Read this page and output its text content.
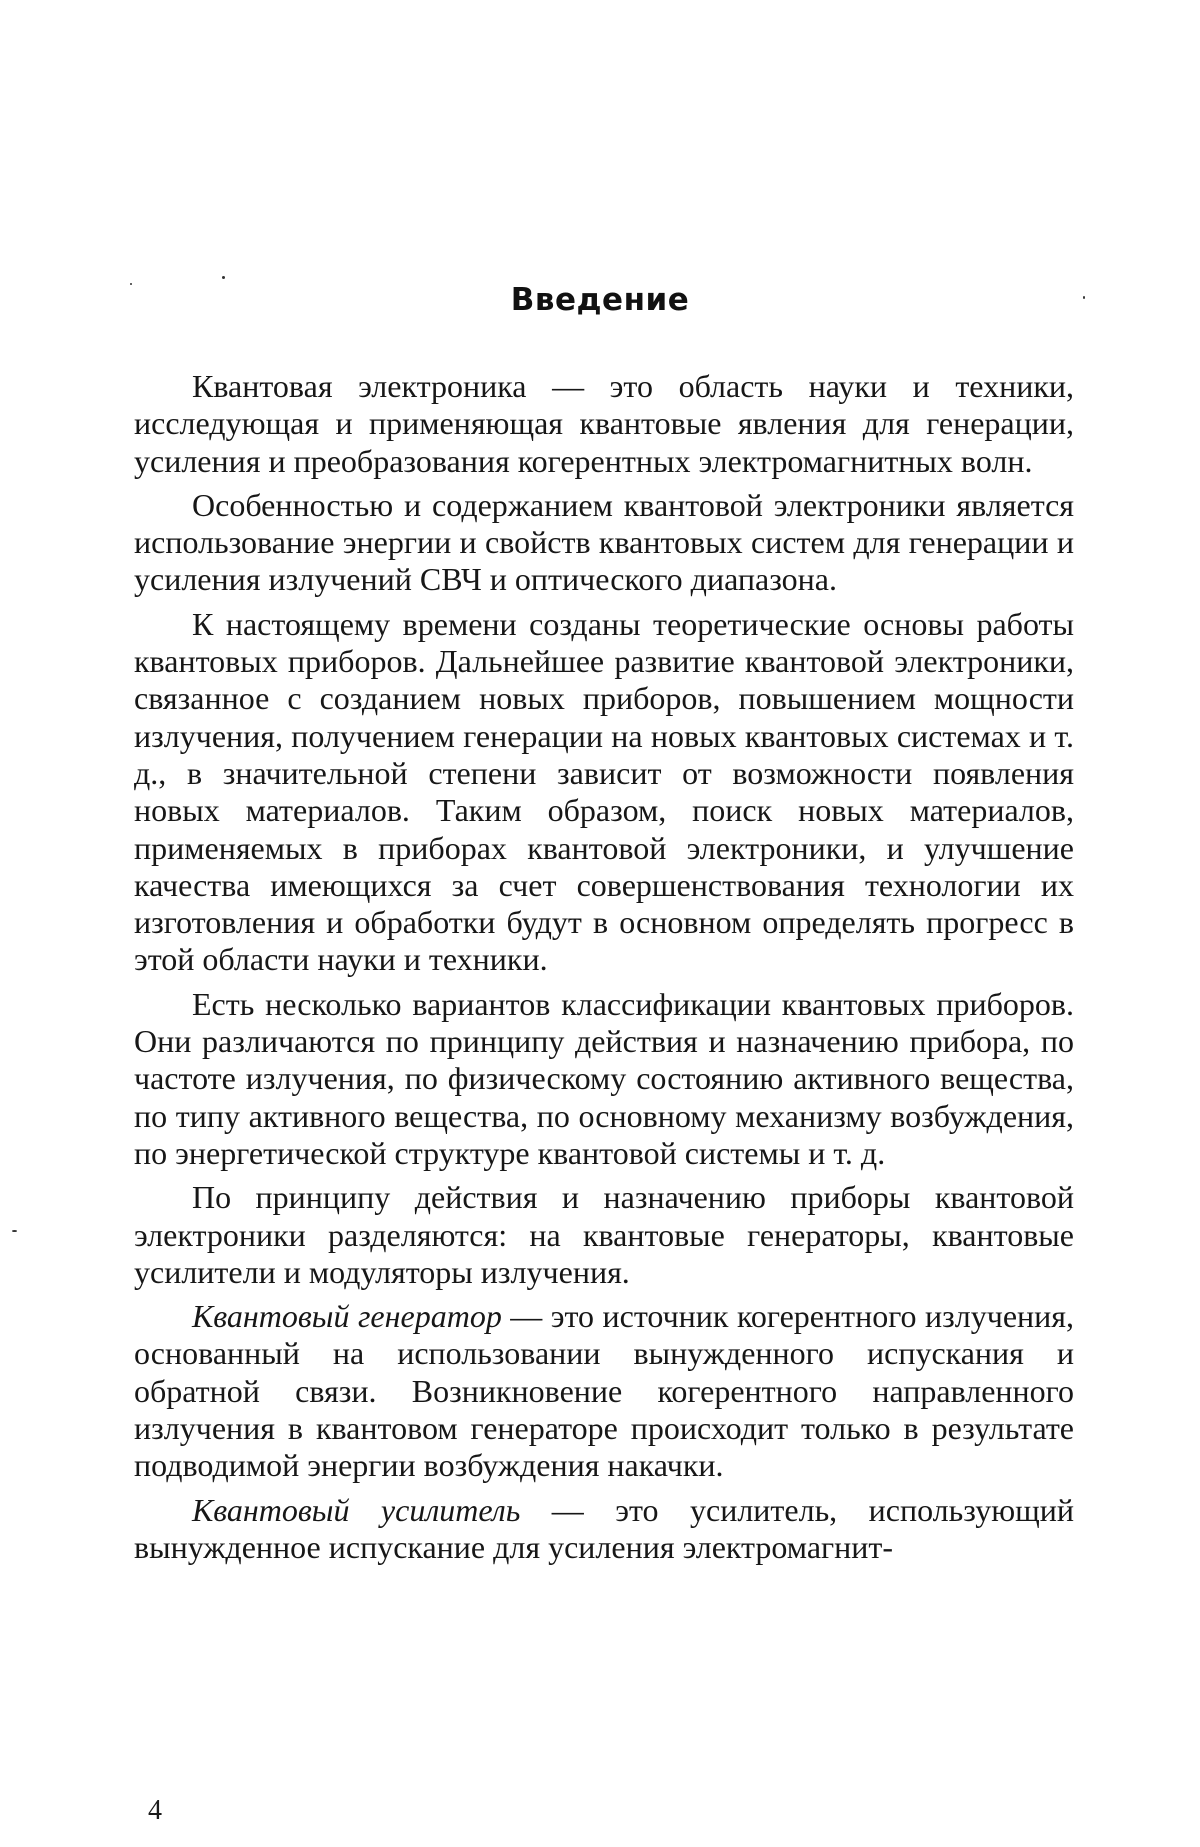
Введение

Квантовая электроника — это область науки и техники, исследующая и применяющая квантовые явления для генерации, усиления и преобразования когерентных электромагнитных волн.

Особенностью и содержанием квантовой электроники является использование энергии и свойств квантовых систем для генерации и усиления излучений СВЧ и оптического диапазона.

К настоящему времени созданы теоретические основы работы квантовых приборов. Дальнейшее развитие квантовой электроники, связанное с созданием новых приборов, повышением мощности излучения, получением генерации на новых квантовых системах и т. д., в значительной степени зависит от возможности появления новых материалов. Таким образом, поиск новых материалов, применяемых в приборах квантовой электроники, и улучшение качества имеющихся за счет совершенствования технологии их изготовления и обработки будут в основном определять прогресс в этой области науки и техники.

Есть несколько вариантов классификации квантовых приборов. Они различаются по принципу действия и назначению прибора, по частоте излучения, по физическому состоянию активного вещества, по типу активного вещества, по основному механизму возбуждения, по энергетической структуре квантовой системы и т. д.

По принципу действия и назначению приборы квантовой электроники разделяются: на квантовые генераторы, квантовые усилители и модуляторы излучения.

Квантовый генератор — это источник когерентного излучения, основанный на использовании вынужденного испускания и обратной связи. Возникновение когерентного направленного излучения в квантовом генераторе происходит только в результате подводимой энергии возбуждения накачки.

Квантовый усилитель — это усилитель, использующий вынужденное испускание для усиления электромагнит-

4
